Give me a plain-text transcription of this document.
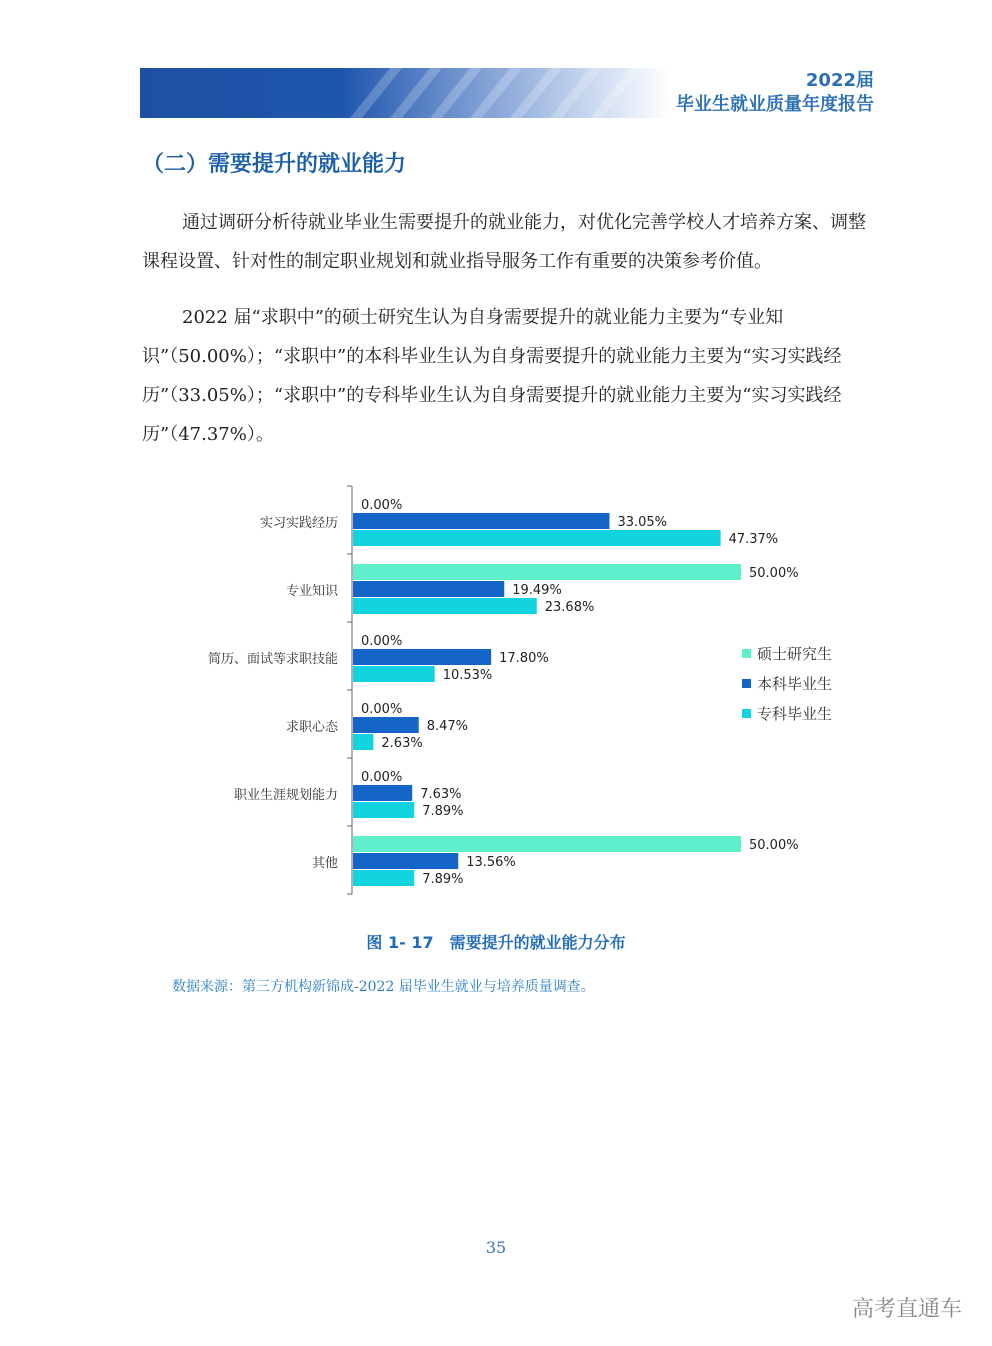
2022届
毕业生就业质量年度报告
（二）需要提升的就业能力

通过调研分析待就业毕业生需要提升的就业能力，对优化完善学校人才培养方案、调整课程设置、针对性的制定职业规划和就业指导服务工作有重要的决策参考价值。

2022 届“求职中”的硕士研究生认为自身需要提升的就业能力主要为“专业知识”（50.00%）；“求职中”的本科毕业生认为自身需要提升的就业能力主要为“实习实践经历”（33.05%）；“求职中”的专科毕业生认为自身需要提升的就业能力主要为“实习实践经历”（47.37%）。

实习实践经历
0.00%
33.05%
47.37%
专业知识
50.00%
19.49%
23.68%
简历、面试等求职技能
0.00%
17.80%
10.53%
求职心态
0.00%
8.47%
2.63%
职业生涯规划能力
0.00%
7.63%
7.89%
其他
50.00%
13.56%
7.89%
硕士研究生
本科毕业生
专科毕业生
图 1- 17　需要提升的就业能力分布
数据来源：第三方机构新锦成-2022 届毕业生就业与培养质量调查。
35
高考直通车
